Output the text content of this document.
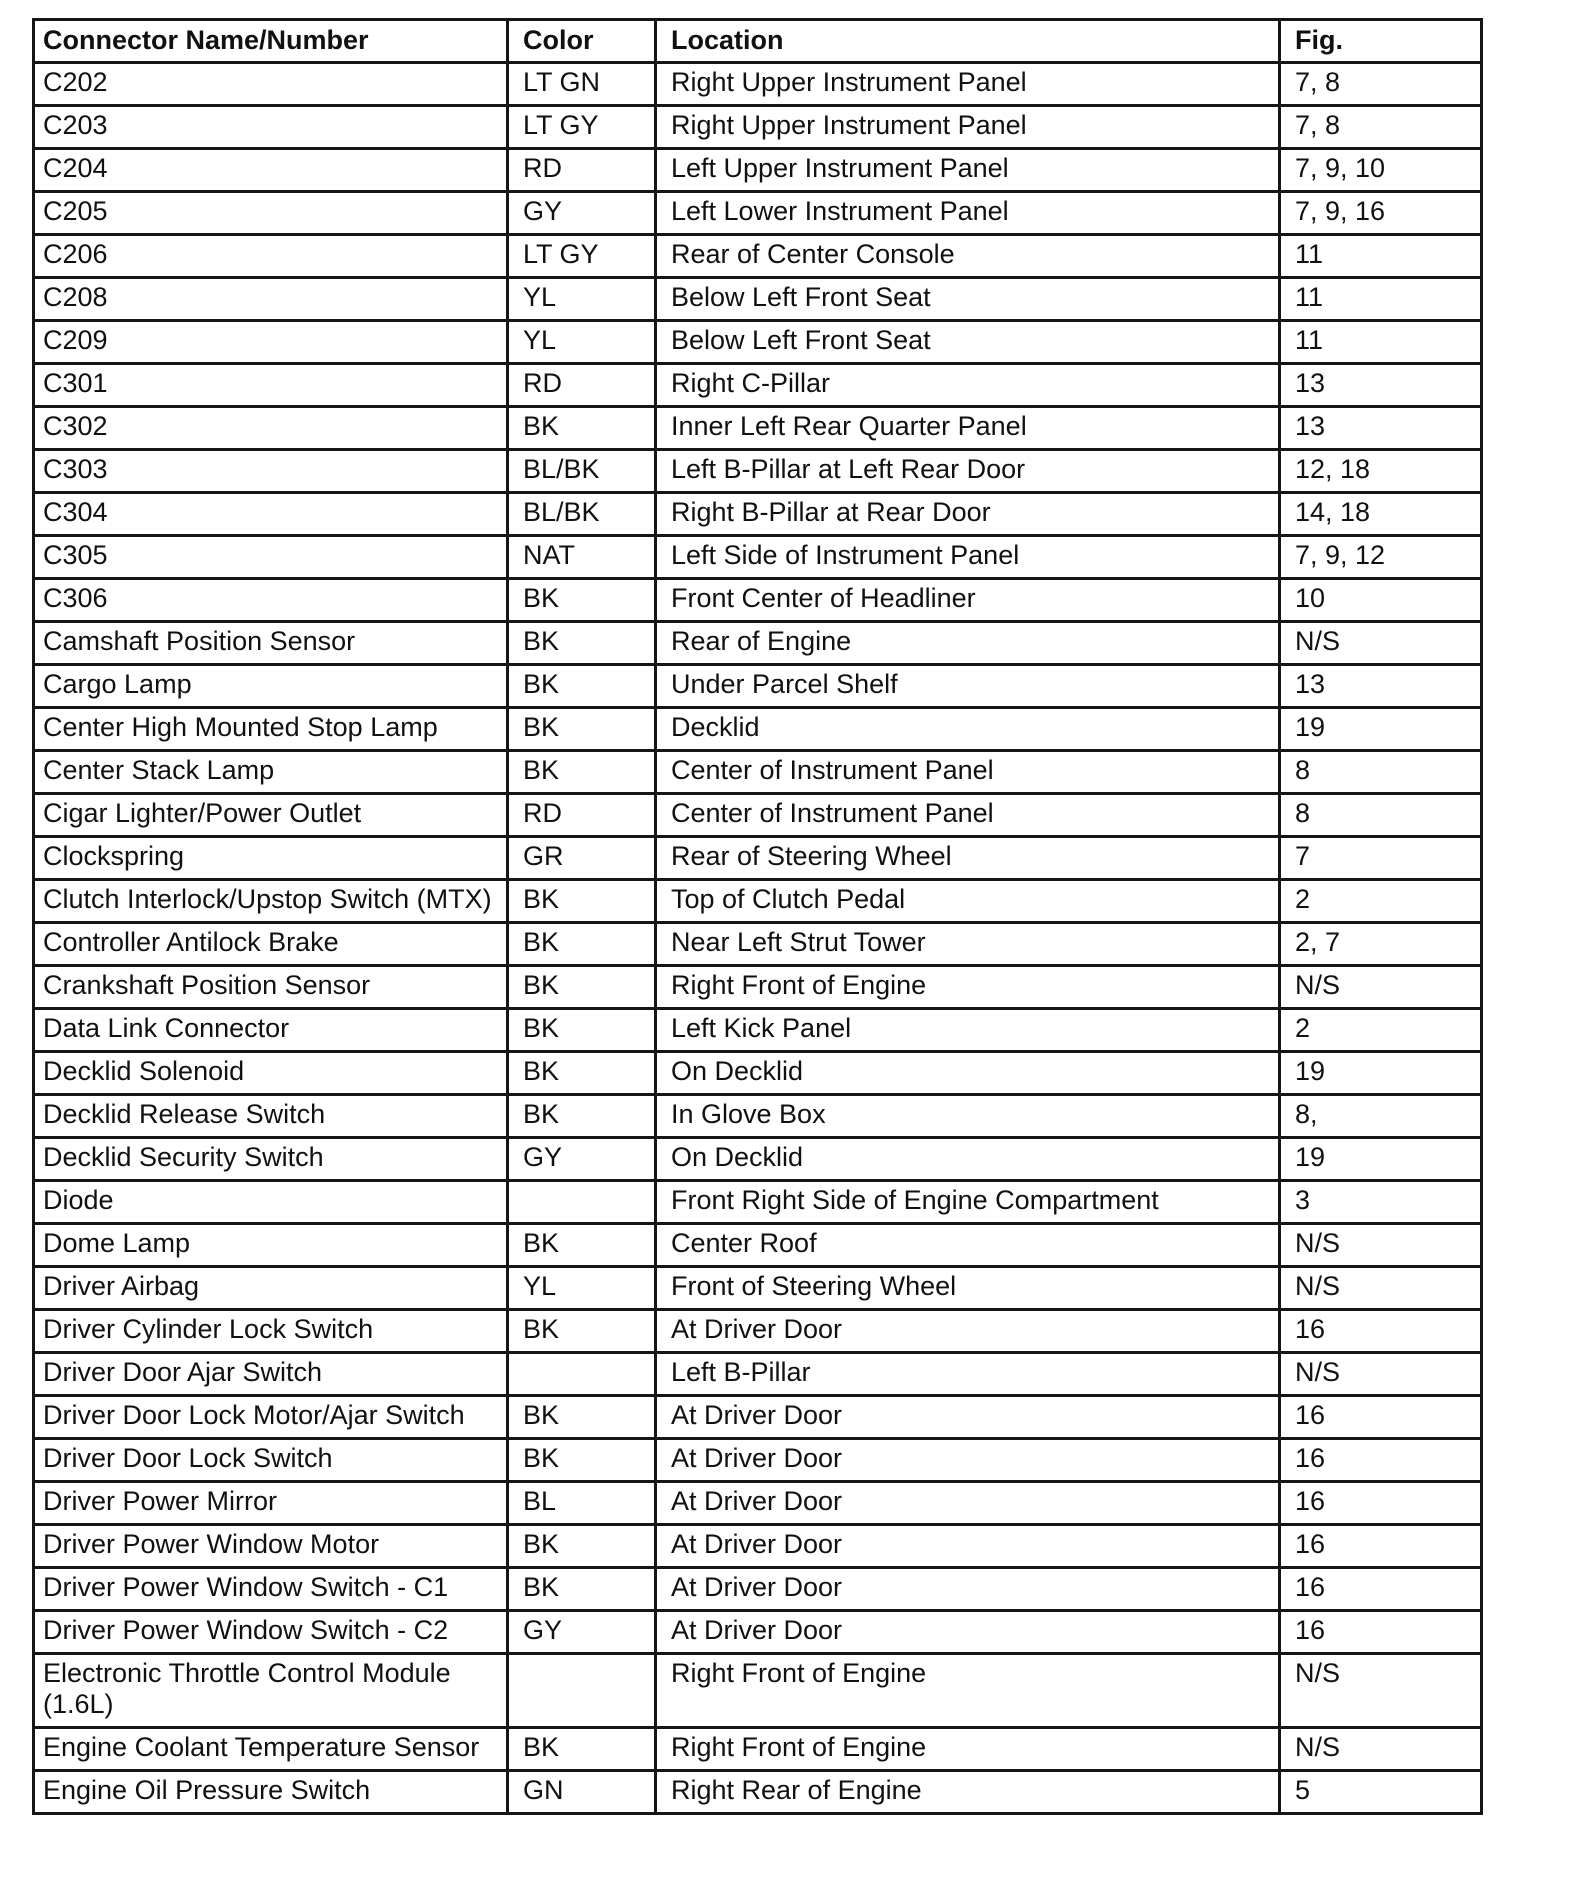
Connector Name/Number	Color	Location	Fig.
C202	LT GN	Right Upper Instrument Panel	7, 8
C203	LT GY	Right Upper Instrument Panel	7, 8
C204	RD	Left Upper Instrument Panel	7, 9, 10
C205	GY	Left Lower Instrument Panel	7, 9, 16
C206	LT GY	Rear of Center Console	11
C208	YL	Below Left Front Seat	11
C209	YL	Below Left Front Seat	11
C301	RD	Right C-Pillar	13
C302	BK	Inner Left Rear Quarter Panel	13
C303	BL/BK	Left B-Pillar at Left Rear Door	12, 18
C304	BL/BK	Right B-Pillar at Rear Door	14, 18
C305	NAT	Left Side of Instrument Panel	7, 9, 12
C306	BK	Front Center of Headliner	10
Camshaft Position Sensor	BK	Rear of Engine	N/S
Cargo Lamp	BK	Under Parcel Shelf	13
Center High Mounted Stop Lamp	BK	Decklid	19
Center Stack Lamp	BK	Center of Instrument Panel	8
Cigar Lighter/Power Outlet	RD	Center of Instrument Panel	8
Clockspring	GR	Rear of Steering Wheel	7
Clutch Interlock/Upstop Switch (MTX)	BK	Top of Clutch Pedal	2
Controller Antilock Brake	BK	Near Left Strut Tower	2, 7
Crankshaft Position Sensor	BK	Right Front of Engine	N/S
Data Link Connector	BK	Left Kick Panel	2
Decklid Solenoid	BK	On Decklid	19
Decklid Release Switch	BK	In Glove Box	8,
Decklid Security Switch	GY	On Decklid	19
Diode		Front Right Side of Engine Compartment	3
Dome Lamp	BK	Center Roof	N/S
Driver Airbag	YL	Front of Steering Wheel	N/S
Driver Cylinder Lock Switch	BK	At Driver Door	16
Driver Door Ajar Switch		Left B-Pillar	N/S
Driver Door Lock Motor/Ajar Switch	BK	At Driver Door	16
Driver Door Lock Switch	BK	At Driver Door	16
Driver Power Mirror	BL	At Driver Door	16
Driver Power Window Motor	BK	At Driver Door	16
Driver Power Window Switch - C1	BK	At Driver Door	16
Driver Power Window Switch - C2	GY	At Driver Door	16
Electronic Throttle Control Module (1.6L)		Right Front of Engine	N/S
Engine Coolant Temperature Sensor	BK	Right Front of Engine	N/S
Engine Oil Pressure Switch	GN	Right Rear of Engine	5
